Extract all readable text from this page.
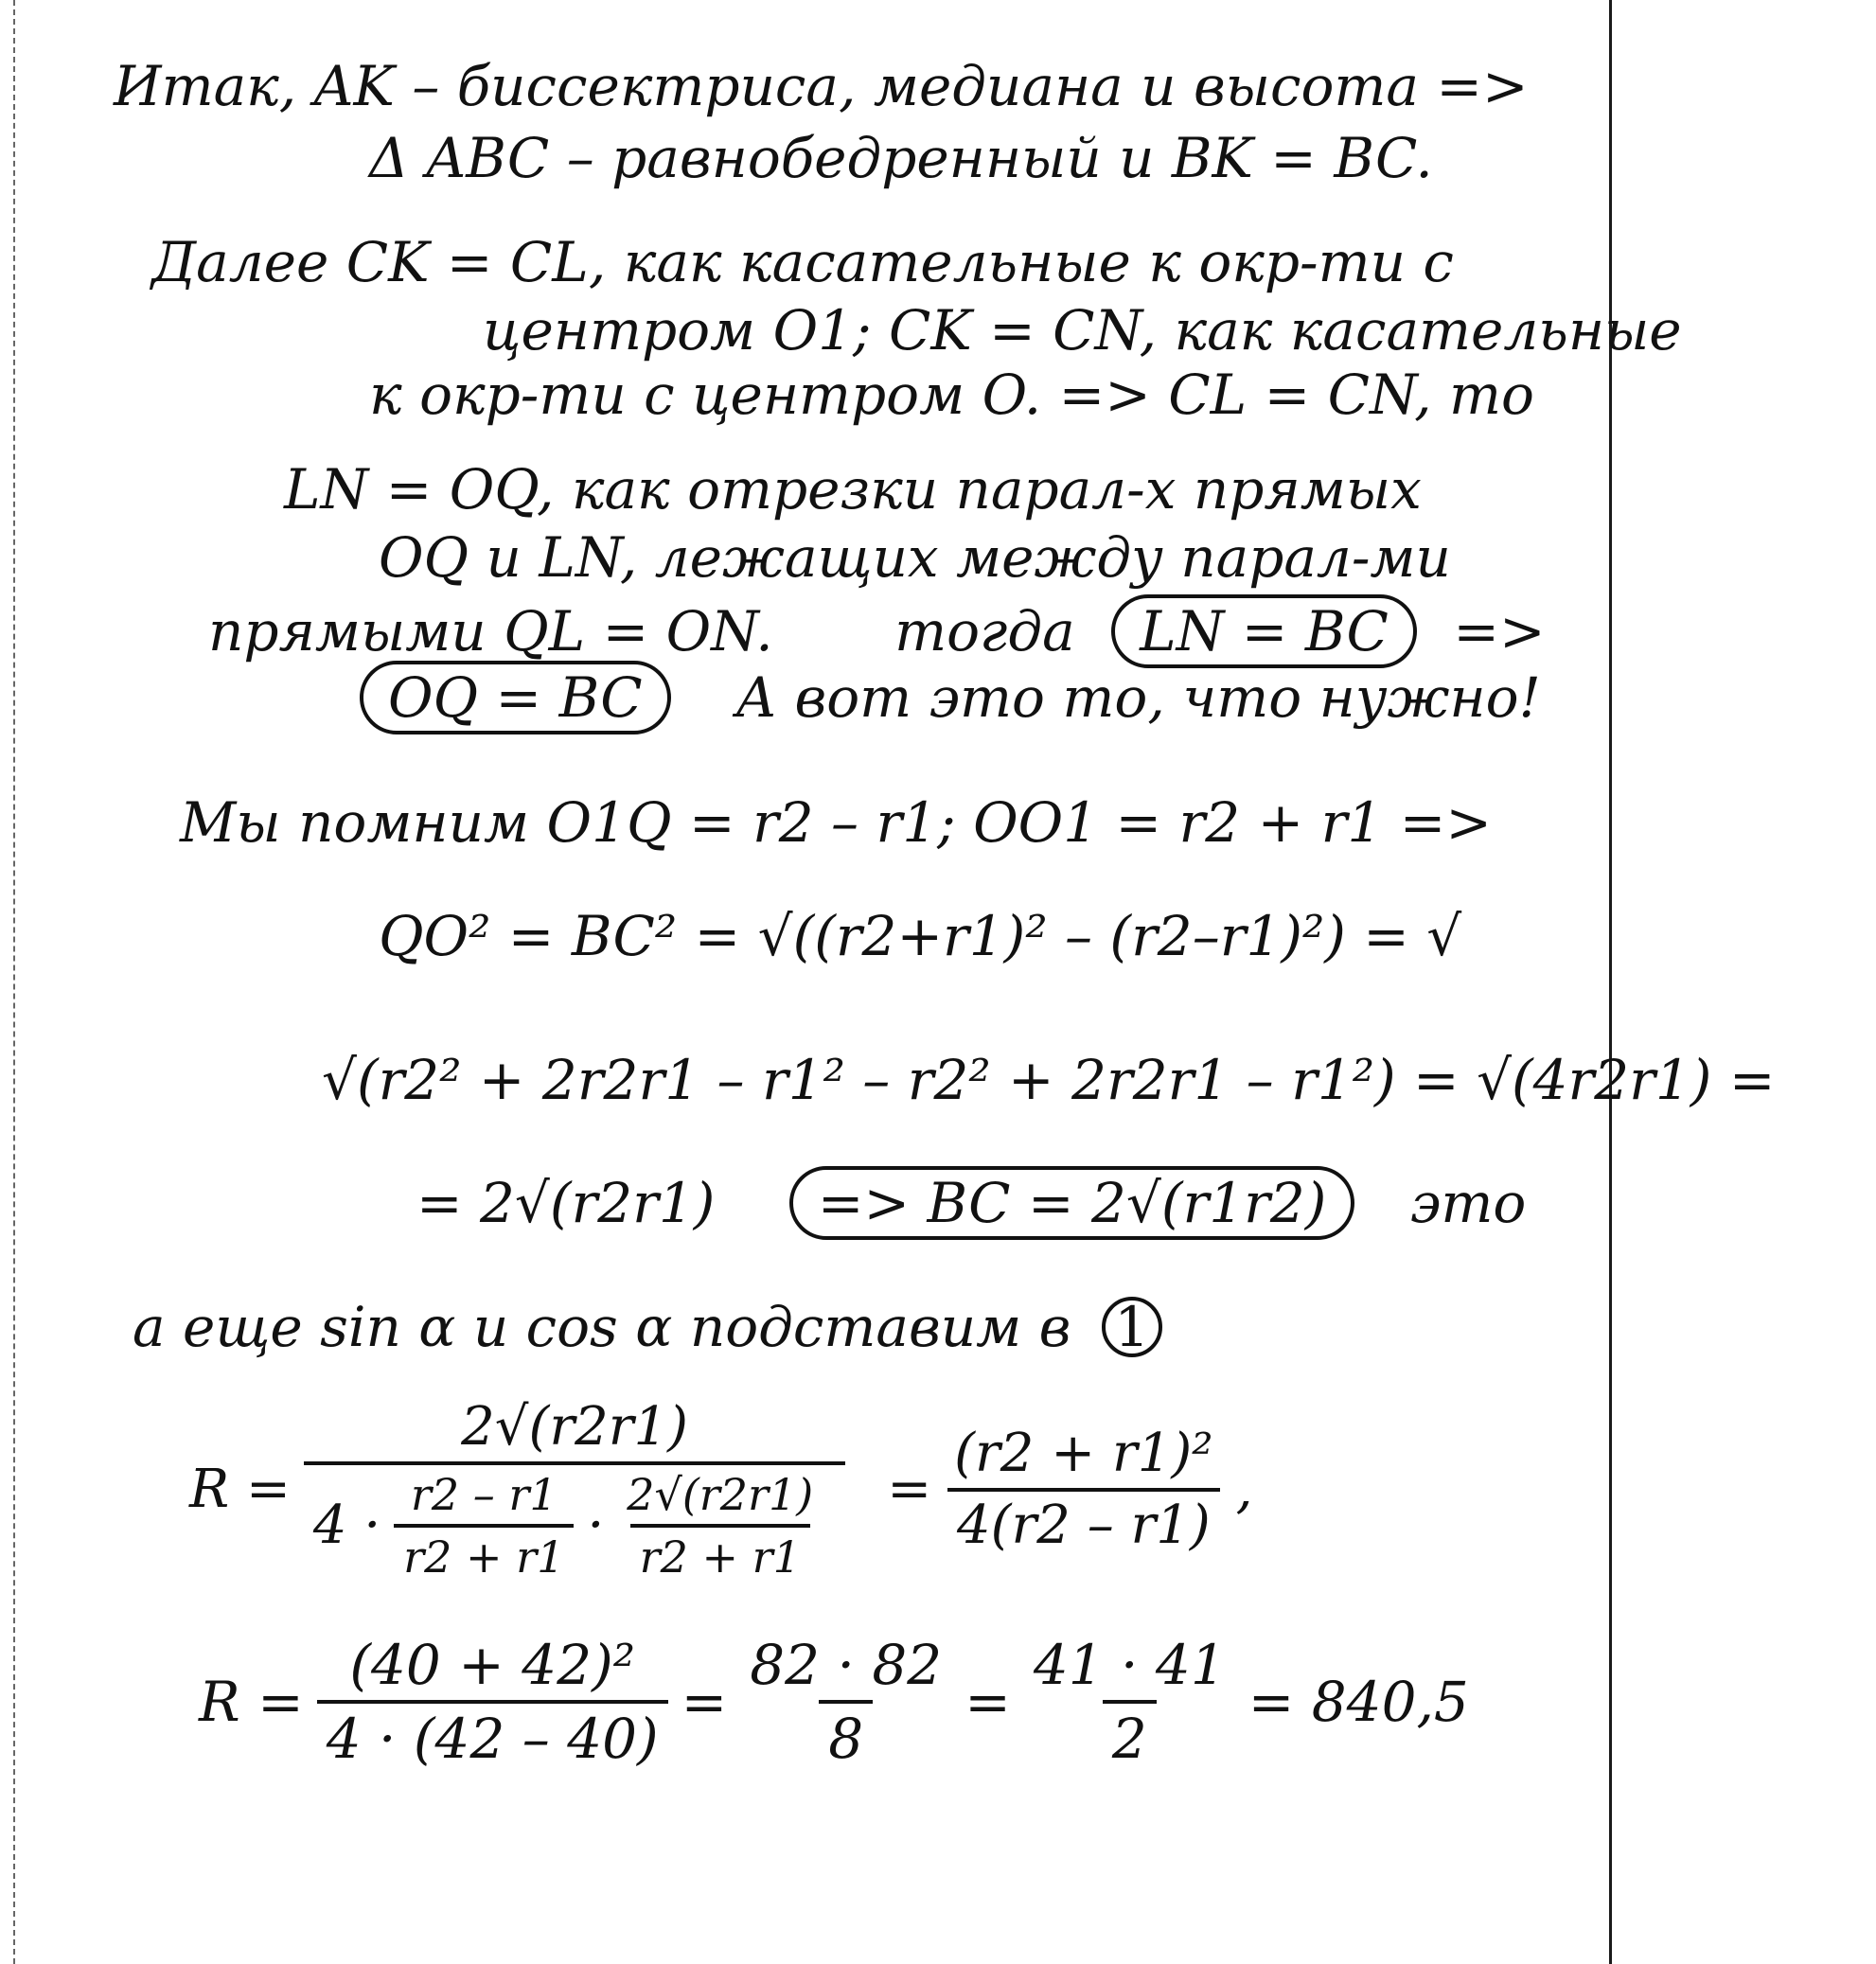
Итак, AK – биссектриса, медиана и высота =>
Δ ABC – равнобедренный и BK = BC.
Далее CK = CL, как касательные к окр-ти с
центром O1; CK = CN, как касательные
к окр-ти с центром O. => CL = CN, то
LN = OQ, как отрезки парал-х прямых
OQ и LN, лежащих между парал-ми
прямыми QL = ON. тогда LN = BC =>
OQ = BC А вот это то, что нужно!
Мы помним O1Q = r2 – r1; OO1 = r2 + r1 =>
QO² = BC² = √((r2+r1)² – (r2–r1)²) = √
√(r2² + 2r2r1 – r1² – r2² + 2r2r1 – r1²) = √(4r2r1) =
= 2√(r2r1) => BC = 2√(r1r2) это
а еще sin α и cos α подставим в 1
R =
2√(r2r1)
$4 \cdot \frac{r2 - r1}{r2 + r1} \cdot \frac{2√(r2r1)}{r2 + r1} = \frac{\text{(r2 + r1)²}}{4(r2 - r1)}$ ,
$R = \frac{\text{(40 + 42)²}}{4 \cdot (42 - 40)} = \frac{82 \cdot 82}{8} = \frac{41 \cdot 41}{2} = 840,5$
